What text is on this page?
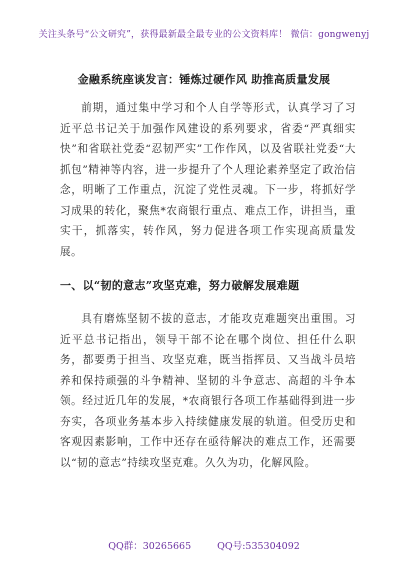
关注头条号“公文研究”，获得最新最全最专业的公文资料库！ 微信：gongwenyj
金融系统座谈发言：锤炼过硬作风 助推高质量发展

前期，通过集中学习和个人自学等形式，认真学习了习近平总书记关于加强作风建设的系列要求，省委“严真细实快”和省联社党委“忍韧严实”工作作风，以及省联社党委“大抓包”精神等内容，进一步提升了个人理论素养坚定了政治信念，明晰了工作重点，沉淀了党性灵魂。下一步，将抓好学习成果的转化，聚焦*农商银行重点、难点工作，讲担当，重实干，抓落实，转作风，努力促进各项工作实现高质量发展。

一、以“韧的意志”攻坚克难，努力破解发展难题

具有磨炼坚韧不拔的意志，才能攻克难题突出重围。习近平总书记指出，领导干部不论在哪个岗位、担任什么职务，都要勇于担当、攻坚克难，既当指挥员、又当战斗员培养和保持顽强的斗争精神、坚韧的斗争意志、高超的斗争本领。经过近几年的发展，*农商银行各项工作基础得到进一步夯实，各项业务基本步入持续健康发展的轨道。但受历史和客观因素影响，工作中还存在亟待解决的难点工作，还需要以“韧的意志”持续攻坚克难。久久为功，化解风险。

QQ群：30265665	QQ号:535304092
